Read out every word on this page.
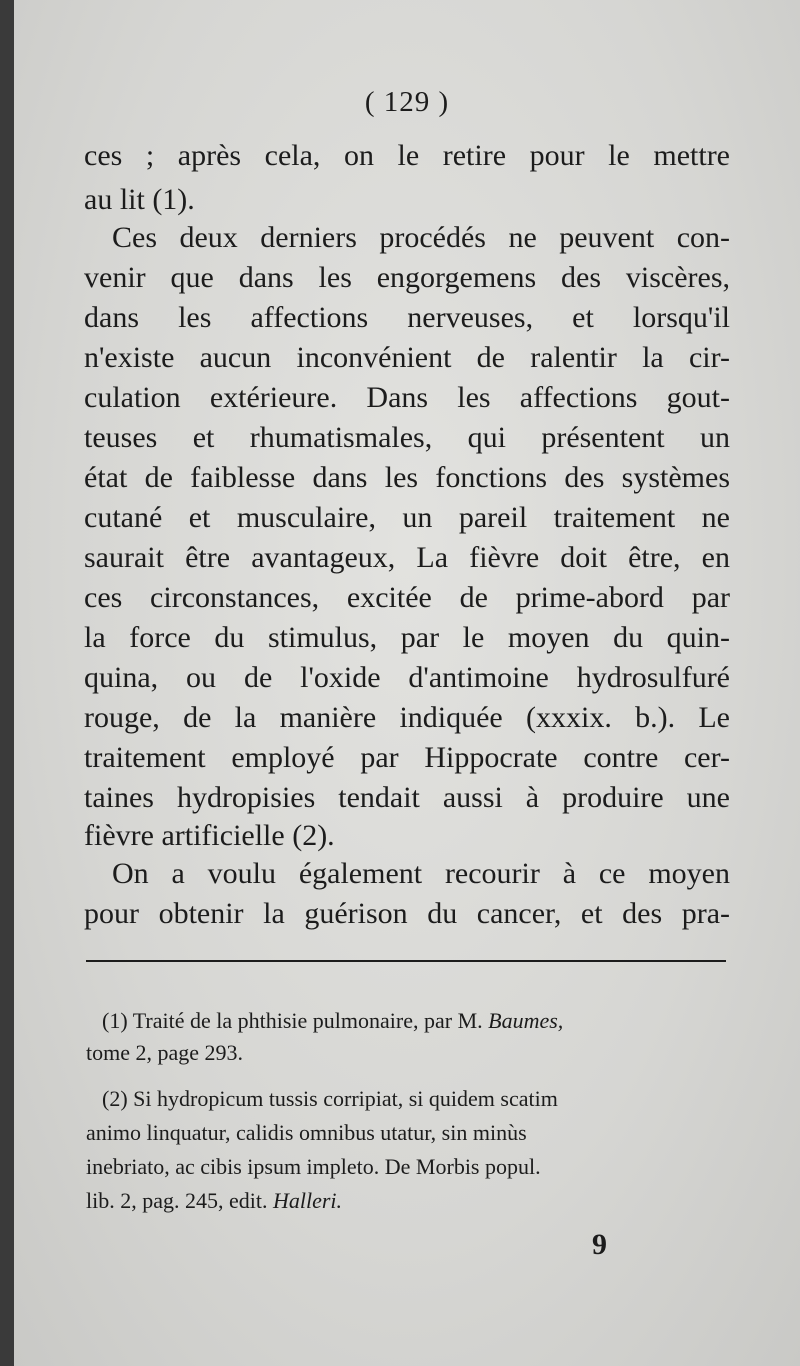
( 129 )
ces ; après cela, on le retire pour le mettre
au lit (1).
Ces deux derniers procédés ne peuvent con-
venir que dans les engorgemens des viscères,
dans les affections nerveuses, et lorsqu'il
n'existe aucun inconvénient de ralentir la cir-
culation extérieure. Dans les affections gout-
teuses et rhumatismales, qui présentent un
état de faiblesse dans les fonctions des systèmes
cutané et musculaire, un pareil traitement ne
saurait être avantageux, La fièvre doit être, en
ces circonstances, excitée de prime-abord par
la force du stimulus, par le moyen du quin-
quina, ou de l'oxide d'antimoine hydrosulfuré
rouge, de la manière indiquée (xxxix. b.). Le
traitement employé par Hippocrate contre cer-
taines hydropisies tendait aussi à produire une
fièvre artificielle (2).
On a voulu également recourir à ce moyen
pour obtenir la guérison du cancer, et des pra-
(1) Traité de la phthisie pulmonaire, par M. Baumes,
tome 2, page 293.
(2) Si hydropicum tussis corripiat, si quidem scatim
animo linquatur, calidis omnibus utatur, sin minùs
inebriato, ac cibis ipsum impleto. De Morbis popul.
lib. 2, pag. 245, edit. Halleri.
9
